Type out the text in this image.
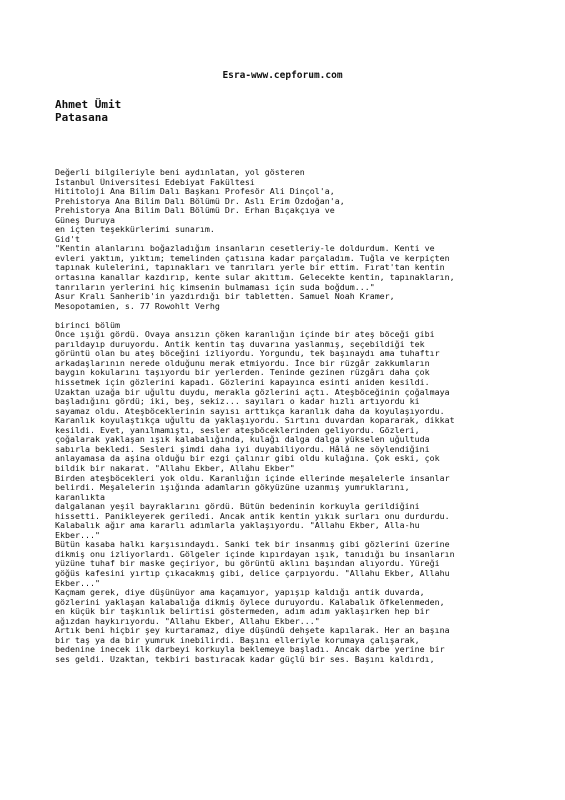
Esra-www.cepforum.com
Ahmet Ümit
Patasana
Değerli bilgileriyle beni aydınlatan, yol gösteren
İstanbul Üniversitesi Edebiyat Fakültesi
Hititoloji Ana Bilim Dalı Başkanı Profesör Ali Dinçol'a,
Prehistorya Ana Bilim Dalı Bölümü Dr. Aslı Erim Özdoğan'a,
Prehistorya Ana Bilim Dalı Bölümü Dr. Erhan Bıçakçıya ve
Güneş Duruya
en içten teşekkürlerimi sunarım.
Gid't
"Kentin alanlarını boğazladığım insanların cesetleriy-le doldurdum. Kenti ve
evleri yaktım, yıktım; temelinden çatısına kadar parçaladım. Tuğla ve kerpiçten
tapınak kulelerini, tapınakları ve tanrıları yerle bir ettim. Fırat'tan kentin
ortasına kanallar kazdırıp, kente sular akıttım. Gelecekte kentin, tapınakların,
tanrıların yerlerini hiç kimsenin bulmaması için suda boğdum..."
Asur Kralı Sanherib'in yazdırdığı bir tabletten. Samuel Noah Kramer,
Mesopotamien, s. 77 Rowohlt Verhg
birinci bölüm
Önce ışığı gördü. Ovaya ansızın çöken karanlığın içinde bir ateş böceği gibi
parıldayıp duruyordu. Antik kentin taş duvarına yaslanmış, seçebildiği tek
görüntü olan bu ateş böceğini izliyordu. Yorgundu, tek başınaydı ama tuhaftır
arkadaşlarının nerede olduğunu merak etmiyordu. İnce bir rüzgâr zakkumların
baygın kokularını taşıyordu bir yerlerden. Teninde gezinen rüzgârı daha çok
hissetmek için gözlerini kapadı. Gözlerini kapayınca esinti aniden kesildi.
Uzaktan uzağa bir uğultu duydu, merakla gözlerini açtı. Ateşböceğinin çoğalmaya
başladığını gördü; iki, beş, sekiz... sayıları o kadar hızlı artıyordu ki
sayamaz oldu. Ateşböceklerinin sayısı arttıkça karanlık daha da koyulaşıyordu.
Karanlık koyulaştıkça uğultu da yaklaşıyordu. Sırtını duvardan kopararak, dikkat
kesildi. Evet, yanılmamıştı, sesler ateşböceklerinden geliyordu. Gözleri,
çoğalarak yaklaşan ışık kalabalığında, kulağı dalga dalga yükselen uğultuda
sabırla bekledi. Sesleri şimdi daha iyi duyabiliyordu. Hâlâ ne söylendiğini
anlayamasa da aşina olduğu bir ezgi çalınır gibi oldu kulağına. Çok eski, çok
bildik bir nakarat. "Allahu Ekber, Allahu Ekber"
Birden ateşböcekleri yok oldu. Karanlığın içinde ellerinde meşalelerle insanlar
belirdi. Meşalelerin ışığında adamların gökyüzüne uzanmış yumruklarını,
karanlıkta
dalgalanan yeşil bayraklarını gördü. Bütün bedeninin korkuyla gerildiğini
hissetti. Panikleyerek geriledi. Ancak antik kentin yıkık surları onu durdurdu.
Kalabalık ağır ama kararlı adımlarla yaklaşıyordu. "Allahu Ekber, Alla-hu
Ekber..."
Bütün kasaba halkı karşısındaydı. Sanki tek bir insanmış gibi gözlerini üzerine
dikmiş onu izliyorlardı. Gölgeler içinde kıpırdayan ışık, tanıdığı bu insanların
yüzüne tuhaf bir maske geçiriyor, bu görüntü aklını başından alıyordu. Yüreği
göğüs kafesini yırtıp çıkacakmış gibi, delice çarpıyordu. "Allahu Ekber, Allahu
Ekber..."
Kaçmam gerek, diye düşünüyor ama kaçamıyor, yapışıp kaldığı antik duvarda,
gözlerini yaklaşan kalabalığa dikmiş öylece duruyordu. Kalabalık öfkelenmeden,
en küçük bir taşkınlık belirtisi göstermeden, adım adım yaklaşırken hep bir
ağızdan haykırıyordu. "Allahu Ekber, Allahu Ekber..."
Artık beni hiçbir şey kurtaramaz, diye düşündü dehşete kapılarak. Her an başına
bir taş ya da bir yumruk inebilirdi. Başını elleriyle korumaya çalışarak,
bedenine inecek ilk darbeyi korkuyla beklemeye başladı. Ancak darbe yerine bir
ses geldi. Uzaktan, tekbiri bastıracak kadar güçlü bir ses. Başını kaldırdı,
